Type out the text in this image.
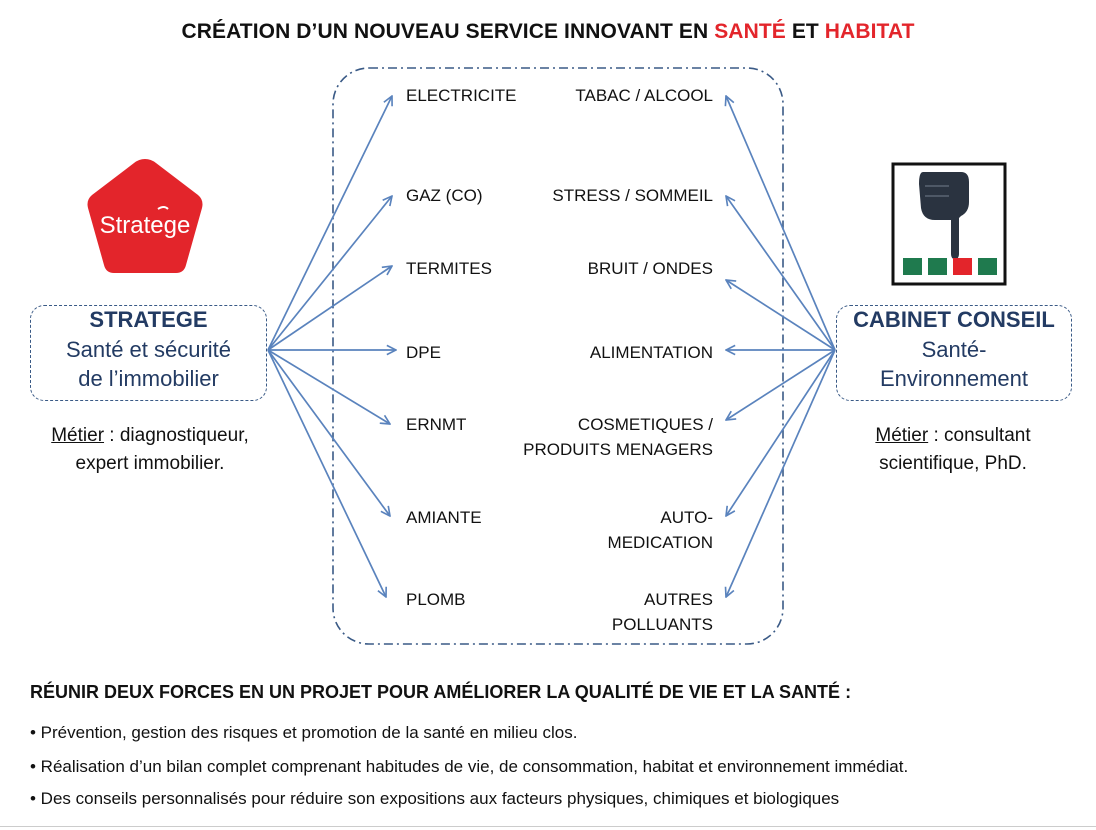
CRÉATION D’UN NOUVEAU SERVICE INNOVANT EN SANTÉ ET HABITAT
Stratege
STRATEGE
Santé et sécurité
de l’immobilier
Métier : diagnostiqueur,
expert immobilier.
CABINET CONSEIL
Santé-
Environnement
Métier : consultant
scientifique, PhD.
ELECTRICITE
GAZ (CO)
TERMITES
DPE
ERNMT
AMIANTE
PLOMB
TABAC / ALCOOL
STRESS / SOMMEIL
BRUIT / ONDES
ALIMENTATION
COSMETIQUES /
PRODUITS MENAGERS
AUTO-
MEDICATION
AUTRES
POLLUANTS
RÉUNIR DEUX FORCES EN UN PROJET POUR AMÉLIORER LA QUALITÉ DE VIE ET LA SANTÉ :
• Prévention, gestion des risques et promotion de la santé en milieu clos.
• Réalisation d’un bilan complet comprenant habitudes de vie, de consommation, habitat et environnement immédiat.
• Des conseils personnalisés pour réduire son expositions aux facteurs physiques, chimiques et biologiques
